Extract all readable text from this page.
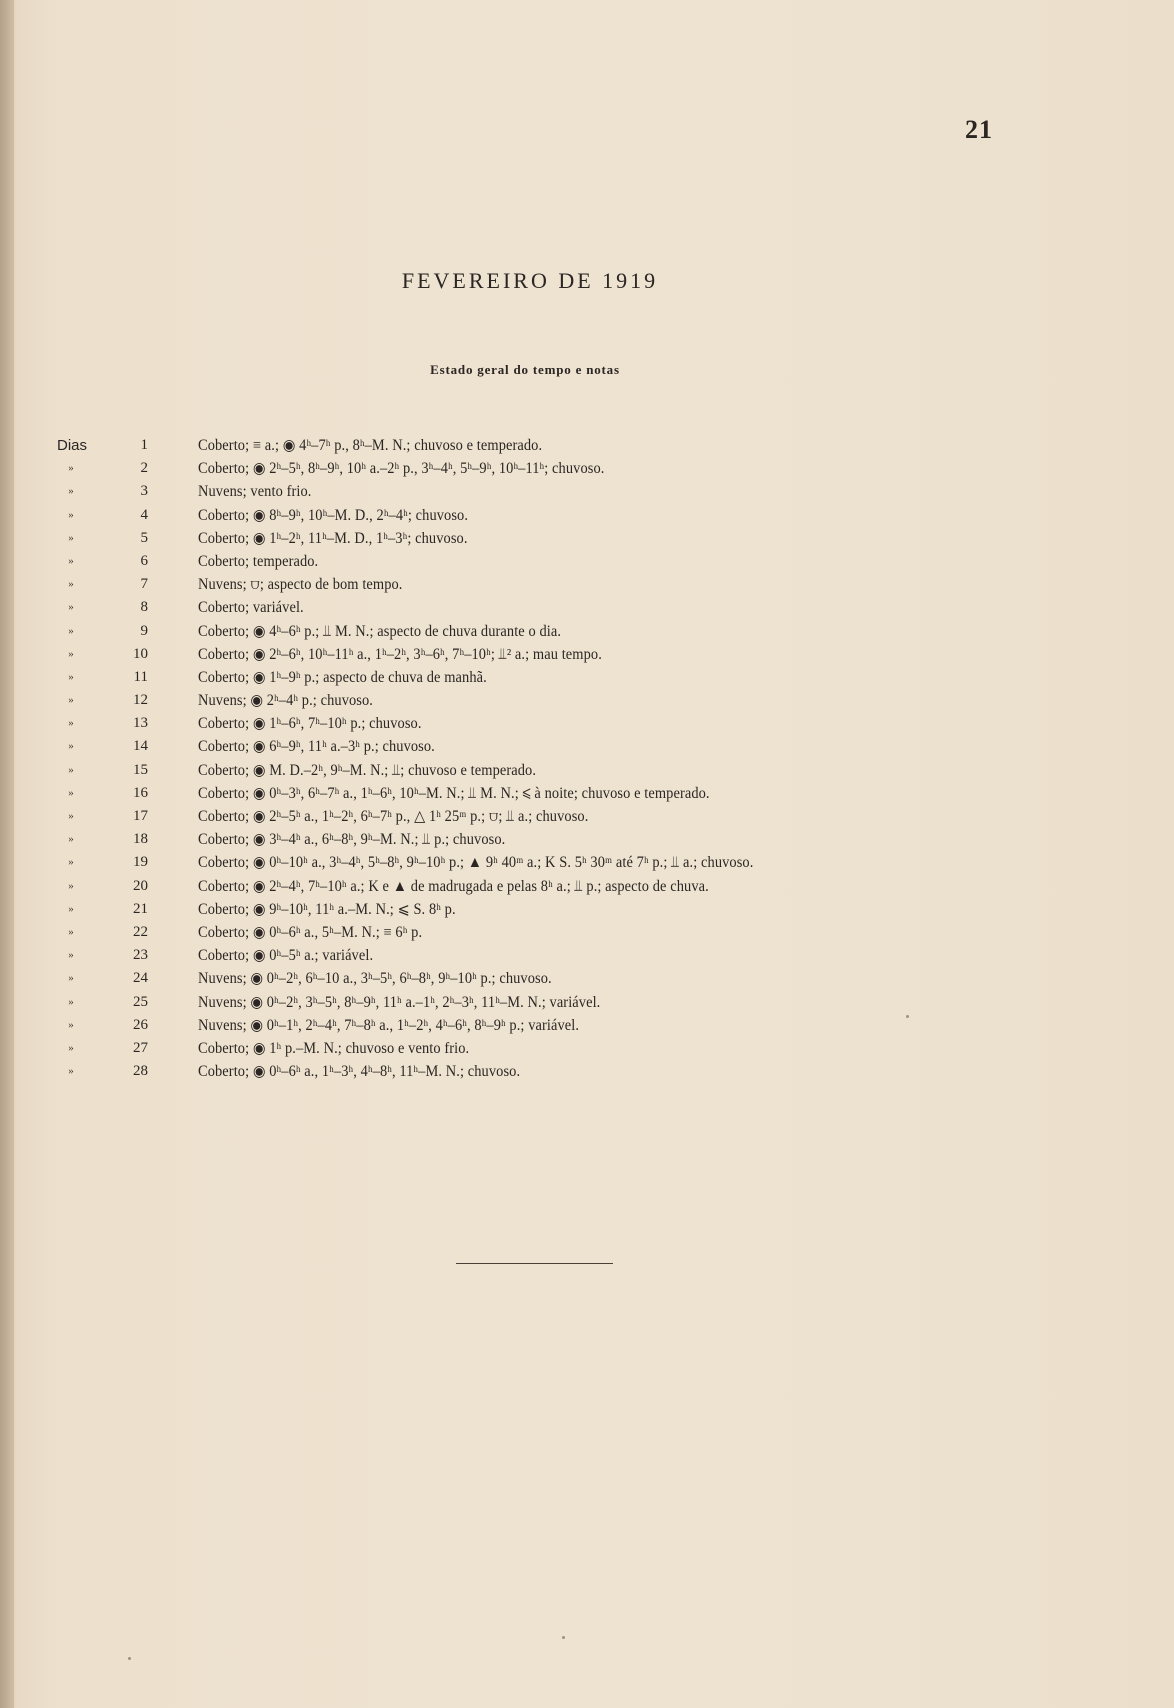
21
FEVEREIRO DE 1919
Estado geral do tempo e notas
Dias	1	Coberto; ≡ a.; ◉ 4ʰ–7ʰ p., 8ʰ–M. N.; chuvoso e temperado.
»	2	Coberto; ◉ 2ʰ–5ʰ, 8ʰ–9ʰ, 10ʰ a.–2ʰ p., 3ʰ–4ʰ, 5ʰ–9ʰ, 10ʰ–11ʰ; chuvoso.
»	3	Nuvens; vento frio.
»	4	Coberto; ◉ 8ʰ–9ʰ, 10ʰ–M. D., 2ʰ–4ʰ; chuvoso.
»	5	Coberto; ◉ 1ʰ–2ʰ, 11ʰ–M. D., 1ʰ–3ʰ; chuvoso.
»	6	Coberto; temperado.
»	7	Nuvens; ⩌; aspecto de bom tempo.
»	8	Coberto; variável.
»	9	Coberto; ◉ 4ʰ–6ʰ p.; ⫫ M. N.; aspecto de chuva durante o dia.
»	10	Coberto; ◉ 2ʰ–6ʰ, 10ʰ–11ʰ a., 1ʰ–2ʰ, 3ʰ–6ʰ, 7ʰ–10ʰ; ⫫² a.; mau tempo.
»	11	Coberto; ◉ 1ʰ–9ʰ p.; aspecto de chuva de manhã.
»	12	Nuvens; ◉ 2ʰ–4ʰ p.; chuvoso.
»	13	Coberto; ◉ 1ʰ–6ʰ, 7ʰ–10ʰ p.; chuvoso.
»	14	Coberto; ◉ 6ʰ–9ʰ, 11ʰ a.–3ʰ p.; chuvoso.
»	15	Coberto; ◉ M. D.–2ʰ, 9ʰ–M. N.; ⫫; chuvoso e temperado.
»	16	Coberto; ◉ 0ʰ–3ʰ, 6ʰ–7ʰ a., 1ʰ–6ʰ, 10ʰ–M. N.; ⫫ M. N.; ⩽ à noite; chuvoso e temperado.
»	17	Coberto; ◉ 2ʰ–5ʰ a., 1ʰ–2ʰ, 6ʰ–7ʰ p., △ 1ʰ 25ᵐ p.; ⩌; ⫫ a.; chuvoso.
»	18	Coberto; ◉ 3ʰ–4ʰ a., 6ʰ–8ʰ, 9ʰ–M. N.; ⫫ p.; chuvoso.
»	19	Coberto; ◉ 0ʰ–10ʰ a., 3ʰ–4ʰ, 5ʰ–8ʰ, 9ʰ–10ʰ p.; ▲ 9ʰ 40ᵐ a.; K S. 5ʰ 30ᵐ até 7ʰ p.; ⫫ a.; chuvoso.
»	20	Coberto; ◉ 2ʰ–4ʰ, 7ʰ–10ʰ a.; K e ▲ de madrugada e pelas 8ʰ a.; ⫫ p.; aspecto de chuva.
»	21	Coberto; ◉ 9ʰ–10ʰ, 11ʰ a.–M. N.; ⩽ S. 8ʰ p.
»	22	Coberto; ◉ 0ʰ–6ʰ a., 5ʰ–M. N.; ≡ 6ʰ p.
»	23	Coberto; ◉ 0ʰ–5ʰ a.; variável.
»	24	Nuvens; ◉ 0ʰ–2ʰ, 6ʰ–10 a., 3ʰ–5ʰ, 6ʰ–8ʰ, 9ʰ–10ʰ p.; chuvoso.
»	25	Nuvens; ◉ 0ʰ–2ʰ, 3ʰ–5ʰ, 8ʰ–9ʰ, 11ʰ a.–1ʰ, 2ʰ–3ʰ, 11ʰ–M. N.; variável.
»	26	Nuvens; ◉ 0ʰ–1ʰ, 2ʰ–4ʰ, 7ʰ–8ʰ a., 1ʰ–2ʰ, 4ʰ–6ʰ, 8ʰ–9ʰ p.; variável.
»	27	Coberto; ◉ 1ʰ p.–M. N.; chuvoso e vento frio.
»	28	Coberto; ◉ 0ʰ–6ʰ a., 1ʰ–3ʰ, 4ʰ–8ʰ, 11ʰ–M. N.; chuvoso.
